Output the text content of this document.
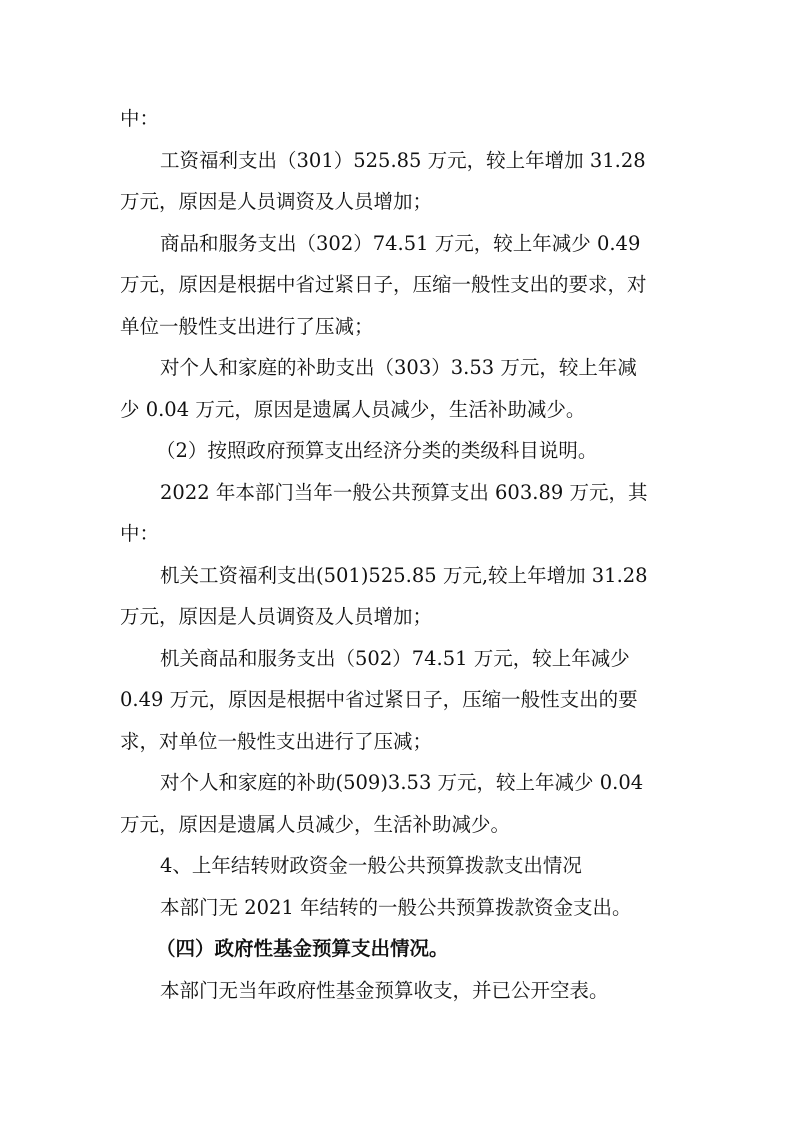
中：
工资福利支出（301）525.85 万元，较上年增加 31.28
万元，原因是人员调资及人员增加；
商品和服务支出（302）74.51 万元，较上年减少 0.49
万元，原因是根据中省过紧日子，压缩一般性支出的要求，对
单位一般性支出进行了压减；
对个人和家庭的补助支出（303）3.53 万元，较上年减
少 0.04 万元，原因是遗属人员减少，生活补助减少。
（2）按照政府预算支出经济分类的类级科目说明。
2022 年本部门当年一般公共预算支出 603.89 万元，其
中：
机关工资福利支出(501)525.85 万元,较上年增加 31.28
万元，原因是人员调资及人员增加；
机关商品和服务支出（502）74.51 万元，较上年减少
0.49 万元，原因是根据中省过紧日子，压缩一般性支出的要
求，对单位一般性支出进行了压减；
对个人和家庭的补助(509)3.53 万元，较上年减少 0.04
万元，原因是遗属人员减少，生活补助减少。
4、上年结转财政资金一般公共预算拨款支出情况
本部门无 2021 年结转的一般公共预算拨款资金支出。
（四）政府性基金预算支出情况。
本部门无当年政府性基金预算收支，并已公开空表。
